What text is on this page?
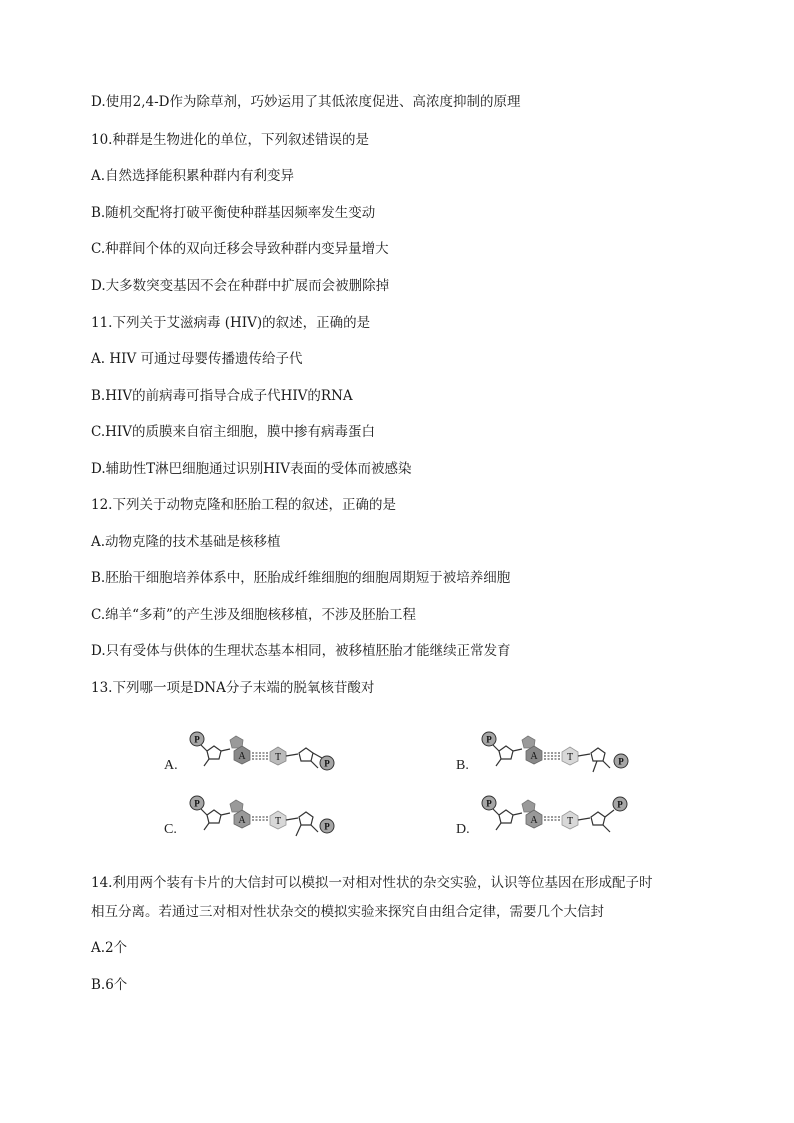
D.使用2,4-D作为除草剂，巧妙运用了其低浓度促进、高浓度抑制的原理
10.种群是生物进化的单位，下列叙述错误的是
A.自然选择能积累种群内有利变异
B.随机交配将打破平衡使种群基因频率发生变动
C.种群间个体的双向迁移会导致种群内变异量增大
D.大多数突变基因不会在种群中扩展而会被删除掉
11.下列关于艾滋病毒 (HIV)的叙述，正确的是
A. HIV 可通过母婴传播遗传给子代
B.HIV的前病毒可指导合成子代HIV的RNA
C.HIV的质膜来自宿主细胞，膜中掺有病毒蛋白
D.辅助性T淋巴细胞通过识别HIV表面的受体而被感染
12.下列关于动物克隆和胚胎工程的叙述，正确的是
A.动物克隆的技术基础是核移植
B.胚胎干细胞培养体系中，胚胎成纤维细胞的细胞周期短于被培养细胞
C.绵羊“多莉”的产生涉及细胞核移植，不涉及胚胎工程
D.只有受体与供体的生理状态基本相同，被移植胚胎才能继续正常发育
13.下列哪一项是DNA分子末端的脱氧核苷酸对
A.
P
A	T
P	B.
P
A	T	P
C.
P
A	T	P	D.
P
A	T
P
14.利用两个装有卡片的大信封可以模拟一对相对性状的杂交实验，认识等位基因在形成配子时
相互分离。若通过三对相对性状杂交的模拟实验来探究自由组合定律，需要几个大信封
A.2个
B.6个
